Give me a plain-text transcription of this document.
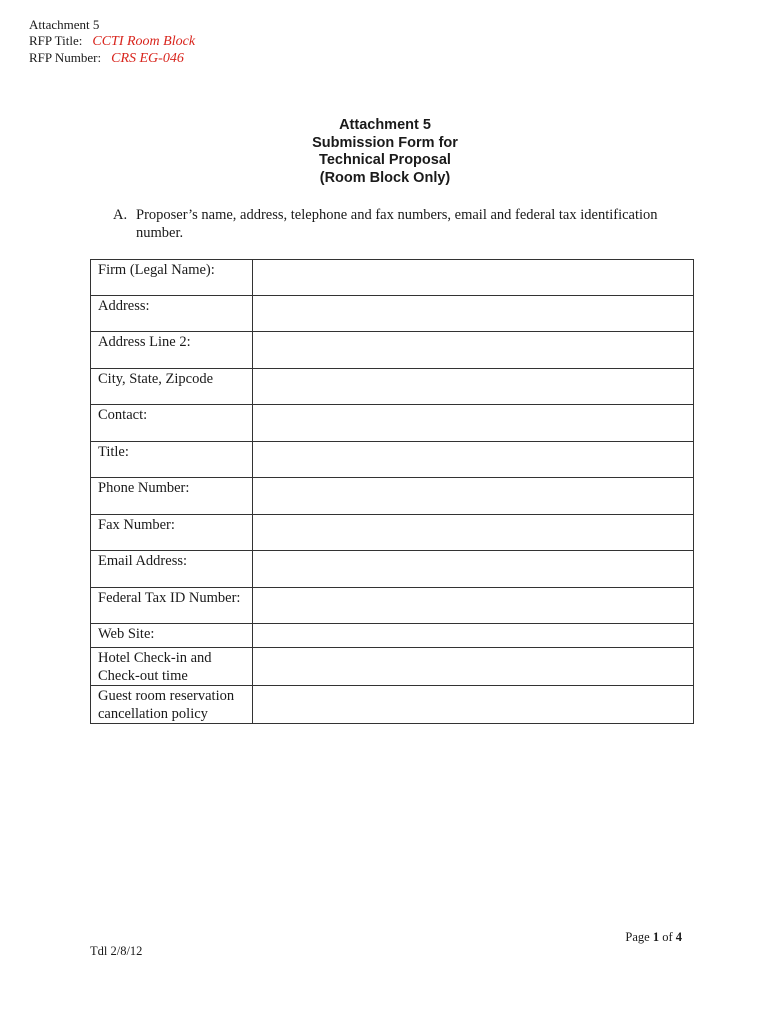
Attachment 5
RFP Title: CCTI Room Block
RFP Number: CRS EG-046
Attachment 5
Submission Form for
Technical Proposal
(Room Block Only)
A. Proposer’s name, address, telephone and fax numbers, email and federal tax identification number.
Firm (Legal Name):	
Address:	
Address Line 2:	
City, State, Zipcode	
Contact:	
Title:	
Phone Number:	
Fax Number:	
Email Address:	
Federal Tax ID Number:	
Web Site:	
Hotel Check-in and Check-out time	
Guest room reservation cancellation policy	
Tdl 2/8/12
Page 1 of 4
